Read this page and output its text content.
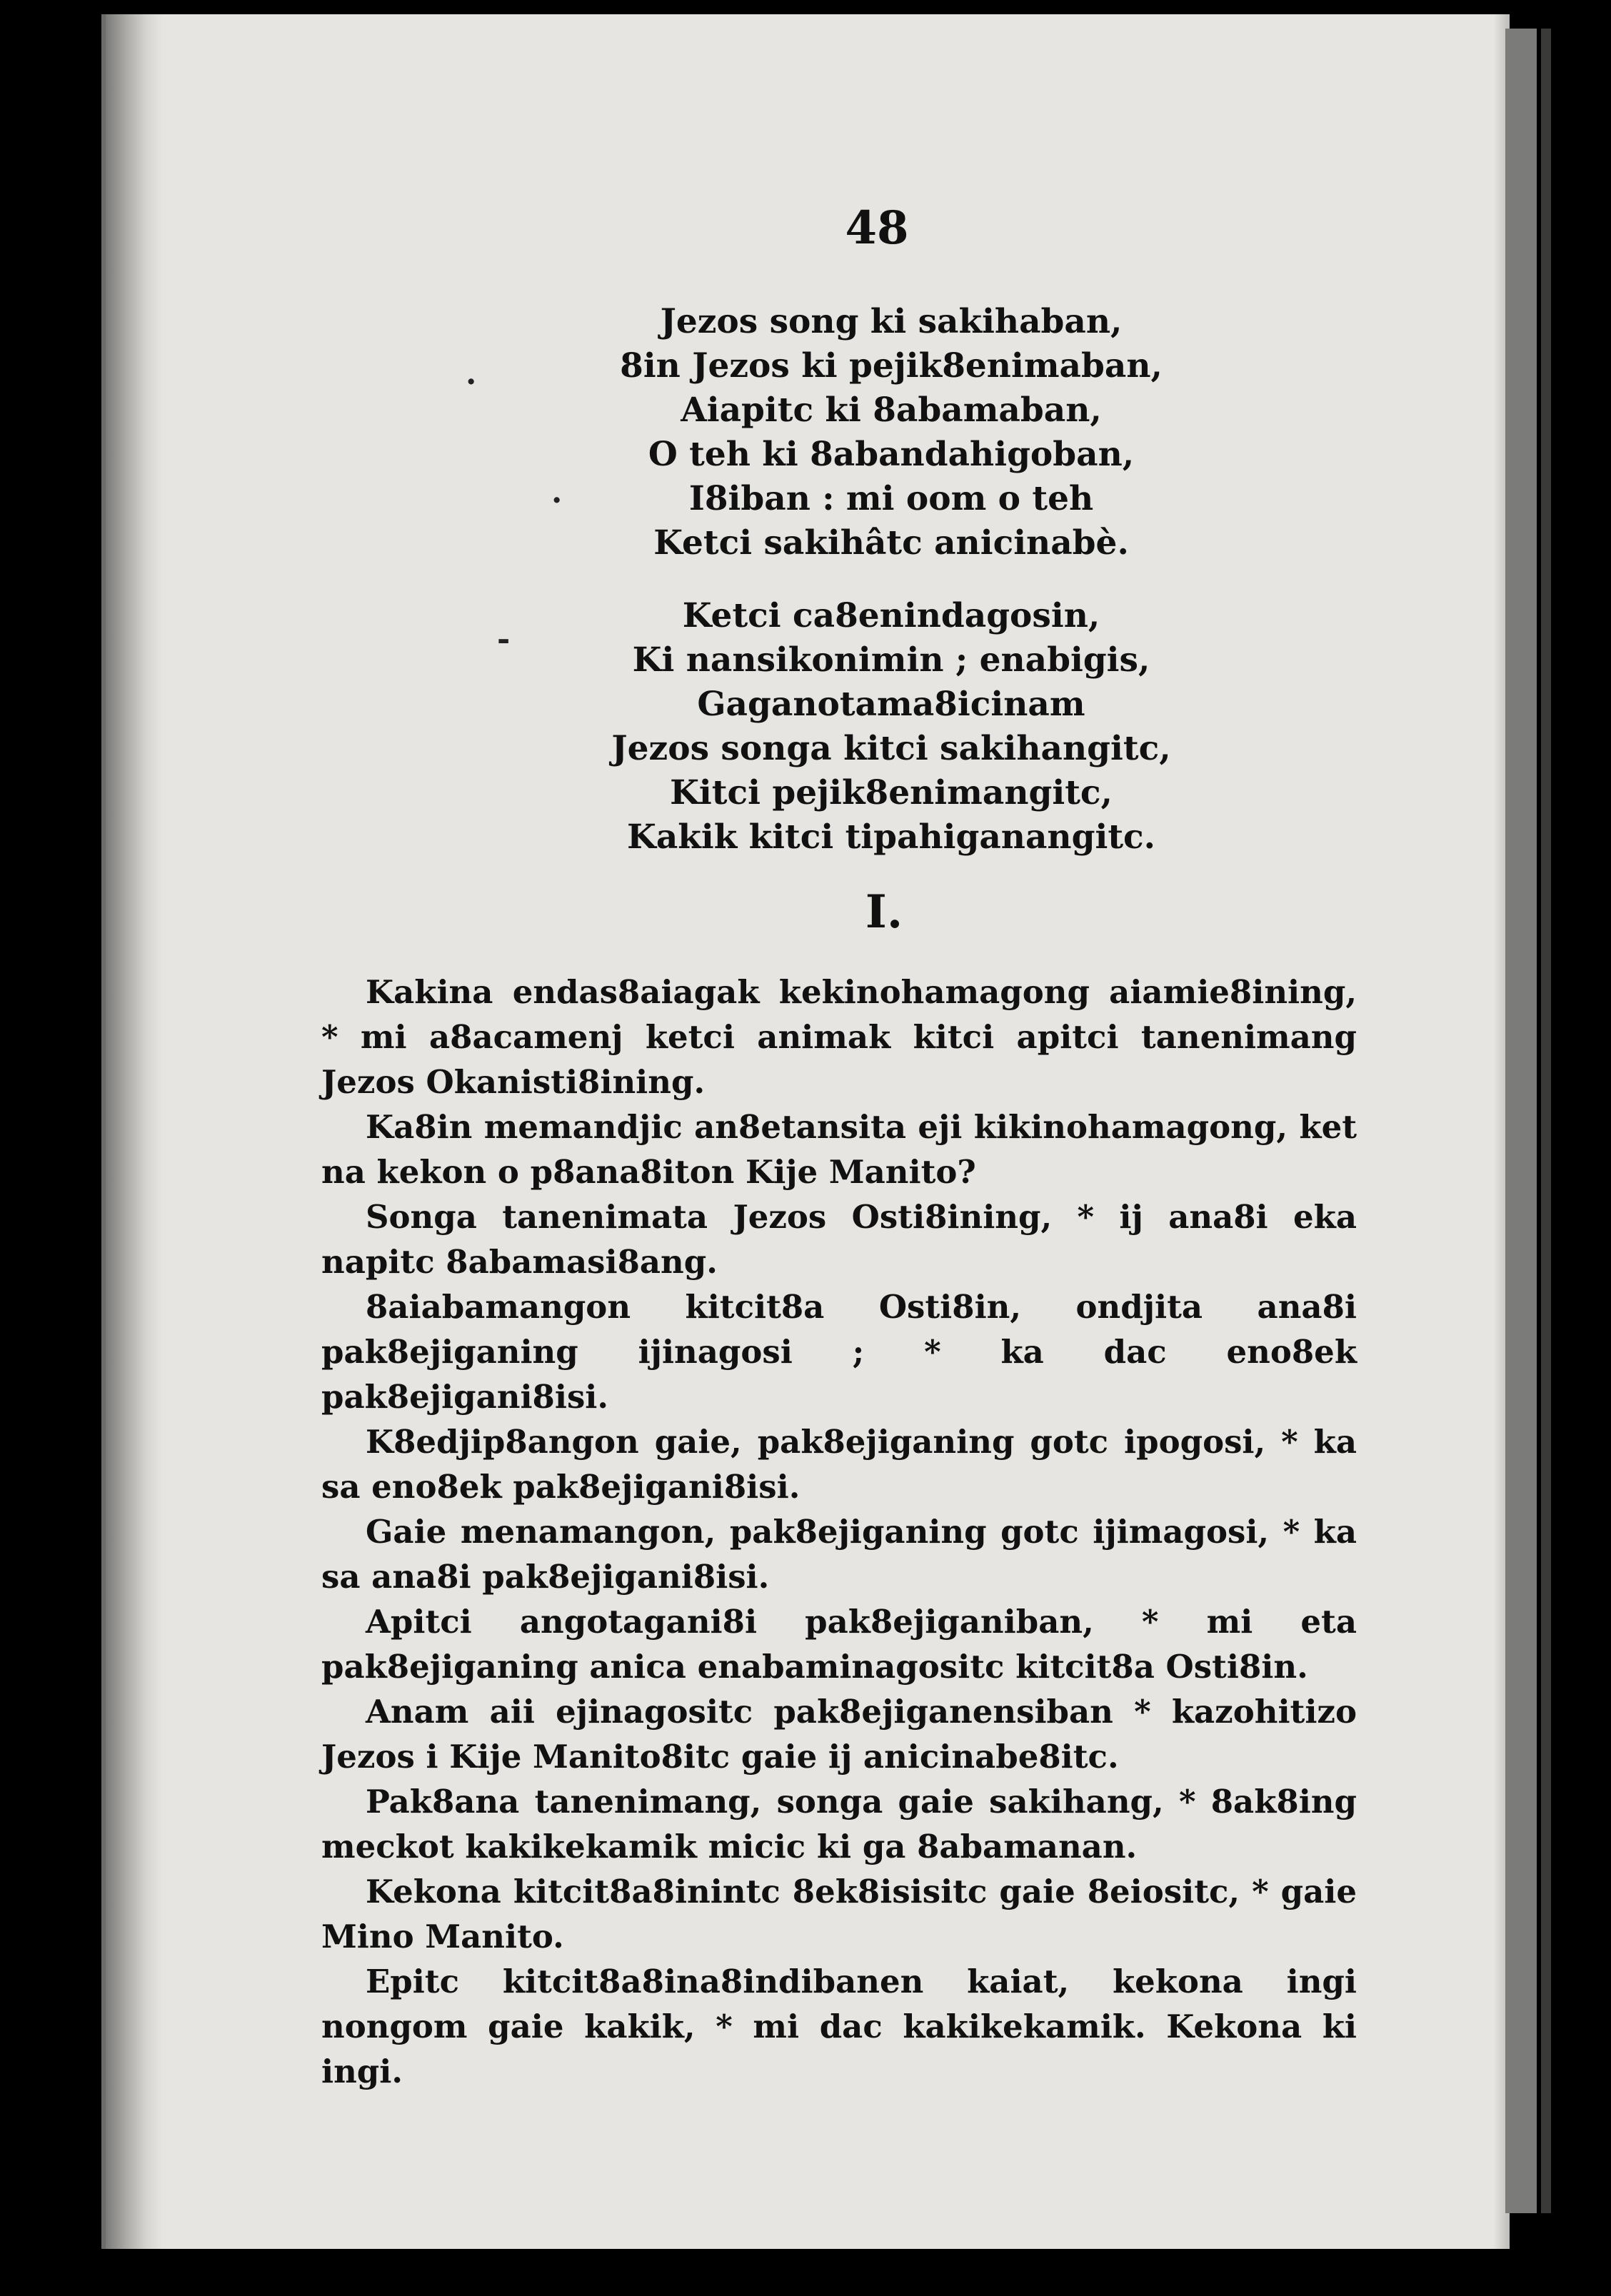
48
Jezos song ki sakihaban,
8in Jezos ki pejik8enimaban,
Aiapitc ki 8abamaban,
O teh ki 8abandahigoban,
I8iban : mi oom o teh
Ketci sakihâtc anicinabè.
Ketci ca8enindagosin,
Ki nansikonimin ; enabigis,
Gaganotama8icinam
Jezos songa kitci sakihangitc,
Kitci pejik8enimangitc,
Kakik kitci tipahiganangitc.
.
.
-
I.

Kakina endas8aiagak kekinohamagong aiamie8ining, * mi a8acamenj ketci animak kitci apitci tanenimang Jezos Okanisti8ining.

Ka8in memandjic an8etansita eji kikinohamagong, ket na kekon o p8ana8iton Kije Manito?

Songa tanenimata Jezos Osti8ining, * ij ana8i eka napitc 8abamasi8ang.

8aiabamangon kitcit8a Osti8in, ondjita ana8i pak8ejiganing ijinagosi ; * ka dac eno8ek pak8ejigani8isi.

K8edjip8angon gaie, pak8ejiganing gotc ipogosi, * ka sa eno8ek pak8ejigani8isi.

Gaie menamangon, pak8ejiganing gotc ijimagosi, * ka sa ana8i pak8ejigani8isi.

Apitci angotagani8i pak8ejiganiban, * mi eta pak8ejiganing anica enabaminagositc kitcit8a Osti8in.

Anam aii ejinagositc pak8ejiganensiban * kazohitizo Jezos i Kije Manito8itc gaie ij anicinabe8itc.

Pak8ana tanenimang, songa gaie sakihang, * 8ak8ing meckot kakikekamik micic ki ga 8abamanan.

Kekona kitcit8a8inintc 8ek8isisitc gaie 8eiositc, * gaie Mino Manito.

Epitc kitcit8a8ina8indibanen kaiat, kekona ingi nongom gaie kakik, * mi dac kakikekamik. Kekona ki ingi.
